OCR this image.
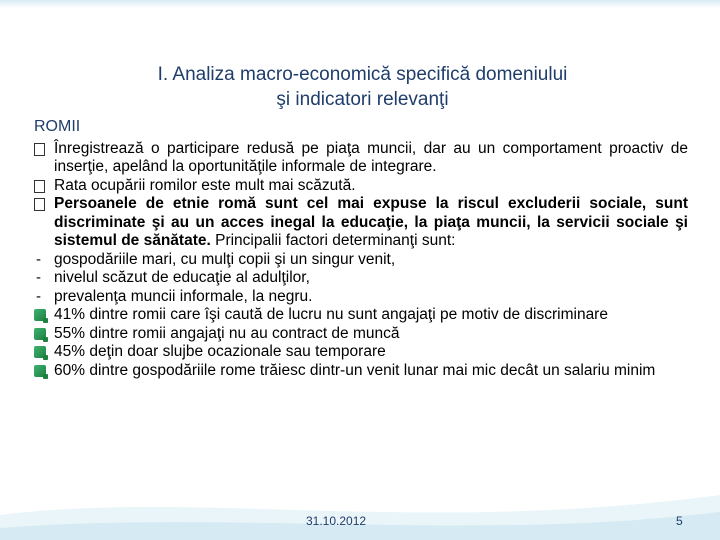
I. Analiza macro-economică specifică domeniului
şi indicatori relevanţi
ROMII
Înregistrează o participare redusă pe piaţa muncii, dar au un comportament proactiv de inserţie, apelând la oportunităţile informale de integrare.
Rata ocupării romilor este mult mai scăzută.
Persoanele de etnie romă sunt cel mai expuse la riscul excluderii sociale, sunt discriminate şi au un acces inegal la educaţie, la piaţa muncii, la servicii sociale şi sistemul de sănătate. Principalii factori determinanţi sunt:
- gospodăriile mari, cu mulţi copii şi un singur venit,
- nivelul scăzut de educaţie al adulţilor,
- prevalenţa muncii informale, la negru.
41% dintre romii care îşi caută de lucru nu sunt angajaţi pe motiv de discriminare
55% dintre romii angajaţi nu au contract de muncă
45% deţin doar slujbe ocazionale sau temporare
60% dintre gospodăriile rome trăiesc dintr-un venit lunar mai mic decât un salariu minim
31.10.2012	5
